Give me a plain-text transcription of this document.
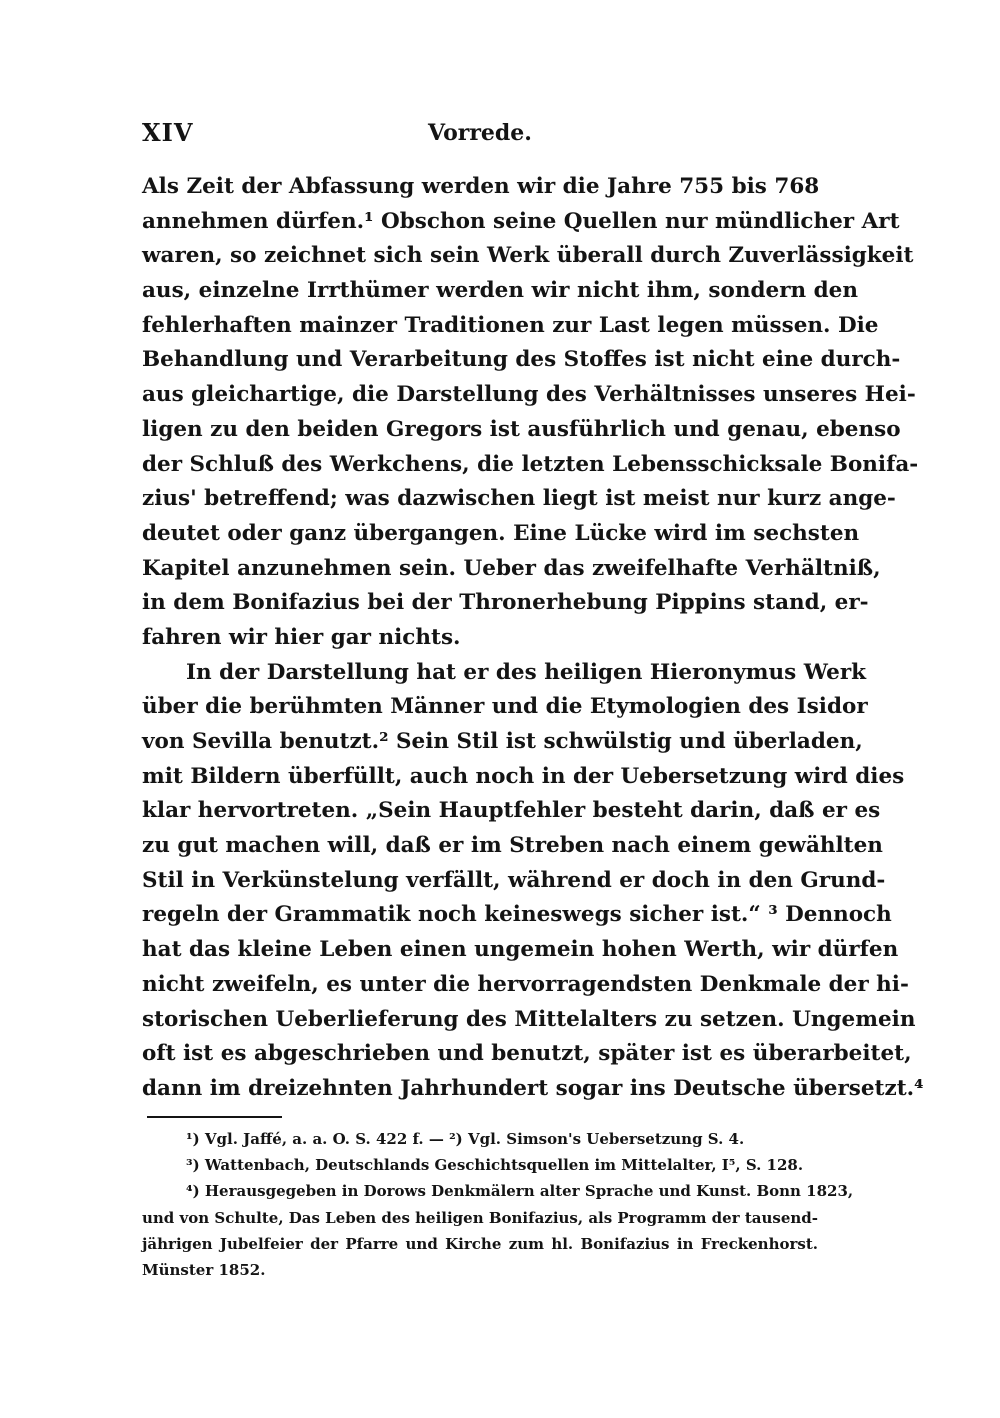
XIV	Vorrede.
Als Zeit der Abfassung werden wir die Jahre 755 bis 768
annehmen dürfen.¹ Obschon seine Quellen nur mündlicher Art
waren, so zeichnet sich sein Werk überall durch Zuverlässigkeit
aus, einzelne Irrthümer werden wir nicht ihm, sondern den
fehlerhaften mainzer Traditionen zur Last legen müssen. Die
Behandlung und Verarbeitung des Stoffes ist nicht eine durch-
aus gleichartige, die Darstellung des Verhältnisses unseres Hei-
ligen zu den beiden Gregors ist ausführlich und genau, ebenso
der Schluß des Werkchens, die letzten Lebensschicksale Bonifa-
zius' betreffend; was dazwischen liegt ist meist nur kurz ange-
deutet oder ganz übergangen. Eine Lücke wird im sechsten
Kapitel anzunehmen sein. Ueber das zweifelhafte Verhältniß,
in dem Bonifazius bei der Thronerhebung Pippins stand, er-
fahren wir hier gar nichts.
In der Darstellung hat er des heiligen Hieronymus Werk
über die berühmten Männer und die Etymologien des Isidor
von Sevilla benutzt.² Sein Stil ist schwülstig und überladen,
mit Bildern überfüllt, auch noch in der Uebersetzung wird dies
klar hervortreten. „Sein Hauptfehler besteht darin, daß er es
zu gut machen will, daß er im Streben nach einem gewählten
Stil in Verkünstelung verfällt, während er doch in den Grund-
regeln der Grammatik noch keineswegs sicher ist.“ ³ Dennoch
hat das kleine Leben einen ungemein hohen Werth, wir dürfen
nicht zweifeln, es unter die hervorragendsten Denkmale der hi-
storischen Ueberlieferung des Mittelalters zu setzen. Ungemein
oft ist es abgeschrieben und benutzt, später ist es überarbeitet,
dann im dreizehnten Jahrhundert sogar ins Deutsche übersetzt.⁴
¹) Vgl. Jaffé, a. a. O. S. 422 f. — ²) Vgl. Simson's Uebersetzung S. 4.
³) Wattenbach, Deutschlands Geschichtsquellen im Mittelalter, I⁵, S. 128.
⁴) Herausgegeben in Dorows Denkmälern alter Sprache und Kunst. Bonn 1823,
und von Schulte, Das Leben des heiligen Bonifazius, als Programm der tausend-
jährigen Jubelfeier der Pfarre und Kirche zum hl. Bonifazius in Freckenhorst.
Münster 1852.
